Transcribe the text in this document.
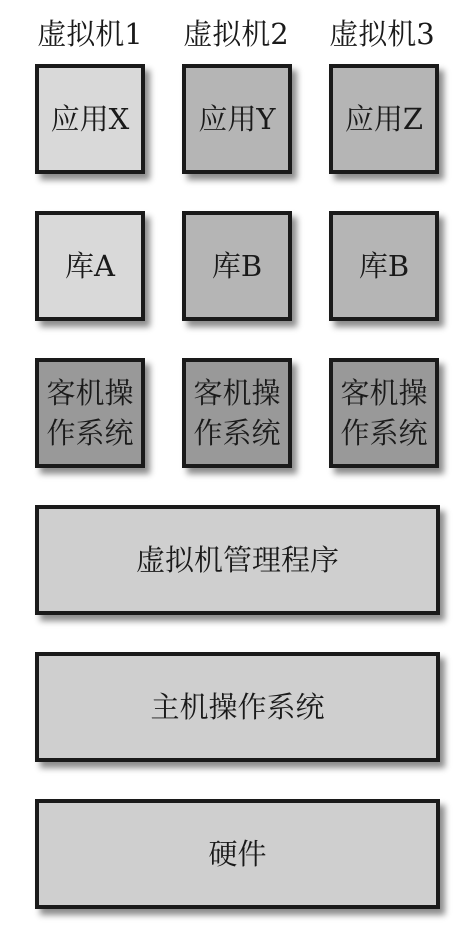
虚拟机1	虚拟机2	虚拟机3
应用X 应用Y 应用Z
库A	库B	库B
客机操作系统
客机操作系统
客机操作系统
虚拟机管理程序
主机操作系统
硬件
